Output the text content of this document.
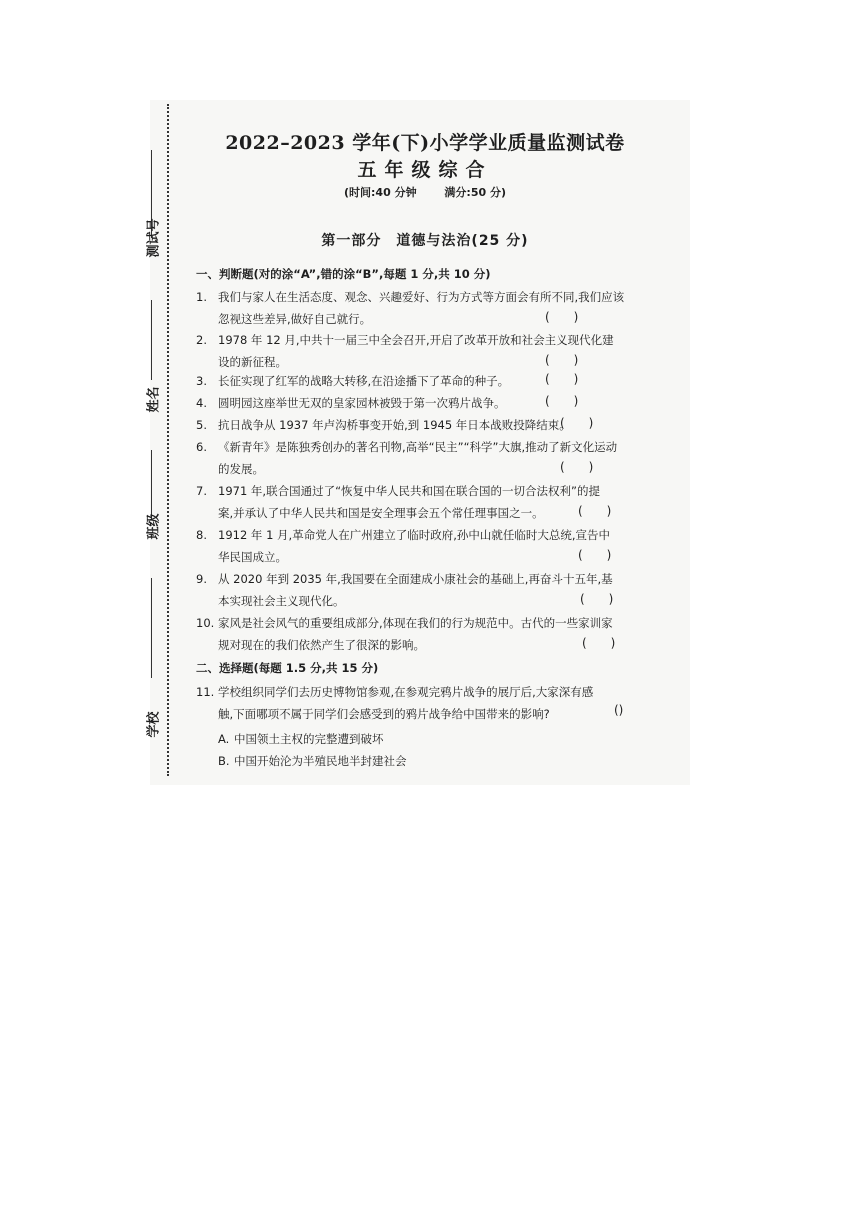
测试号
姓名
班级
学校
2022–2023 学年(下)小学学业质量监测试卷
五年级综合
(时间:40 分钟	满分:50 分)
第一部分　道德与法治(25 分)
一、判断题(对的涂“A”,错的涂“B”,每题 1 分,共 10 分)
1. 我们与家人在生活态度、观念、兴趣爱好、行为方式等方面会有所不同,我们应该
忽视这些差异,做好自己就行。	(　　)
2. 1978 年 12 月,中共十一届三中全会召开,开启了改革开放和社会主义现代化建
设的新征程。	(　　)
3. 长征实现了红军的战略大转移,在沿途播下了革命的种子。	(　　)
4. 圆明园这座举世无双的皇家园林被毁于第一次鸦片战争。	(　　)
5. 抗日战争从 1937 年卢沟桥事变开始,到 1945 年日本战败投降结束。
(　　)
6. 《新青年》是陈独秀创办的著名刊物,高举“民主”“科学”大旗,推动了新文化运动
的发展。	(　　)
7. 1971 年,联合国通过了“恢复中华人民共和国在联合国的一切合法权利”的提
案,并承认了中华人民共和国是安全理事会五个常任理事国之一。	(　　)
8. 1912 年 1 月,革命党人在广州建立了临时政府,孙中山就任临时大总统,宣告中
华民国成立。	(　　)
9. 从 2020 年到 2035 年,我国要在全面建成小康社会的基础上,再奋斗十五年,基
本实现社会主义现代化。	(　　)
10. 家风是社会风气的重要组成部分,体现在我们的行为规范中。古代的一些家训家
规对现在的我们依然产生了很深的影响。	(　　)
二、选择题(每题 1.5 分,共 15 分)
11. 学校组织同学们去历史博物馆参观,在参观完鸦片战争的展厅后,大家深有感
触,下面哪项不属于同学们会感受到的鸦片战争给中国带来的影响?	()
A. 中国领土主权的完整遭到破坏
B. 中国开始沦为半殖民地半封建社会
